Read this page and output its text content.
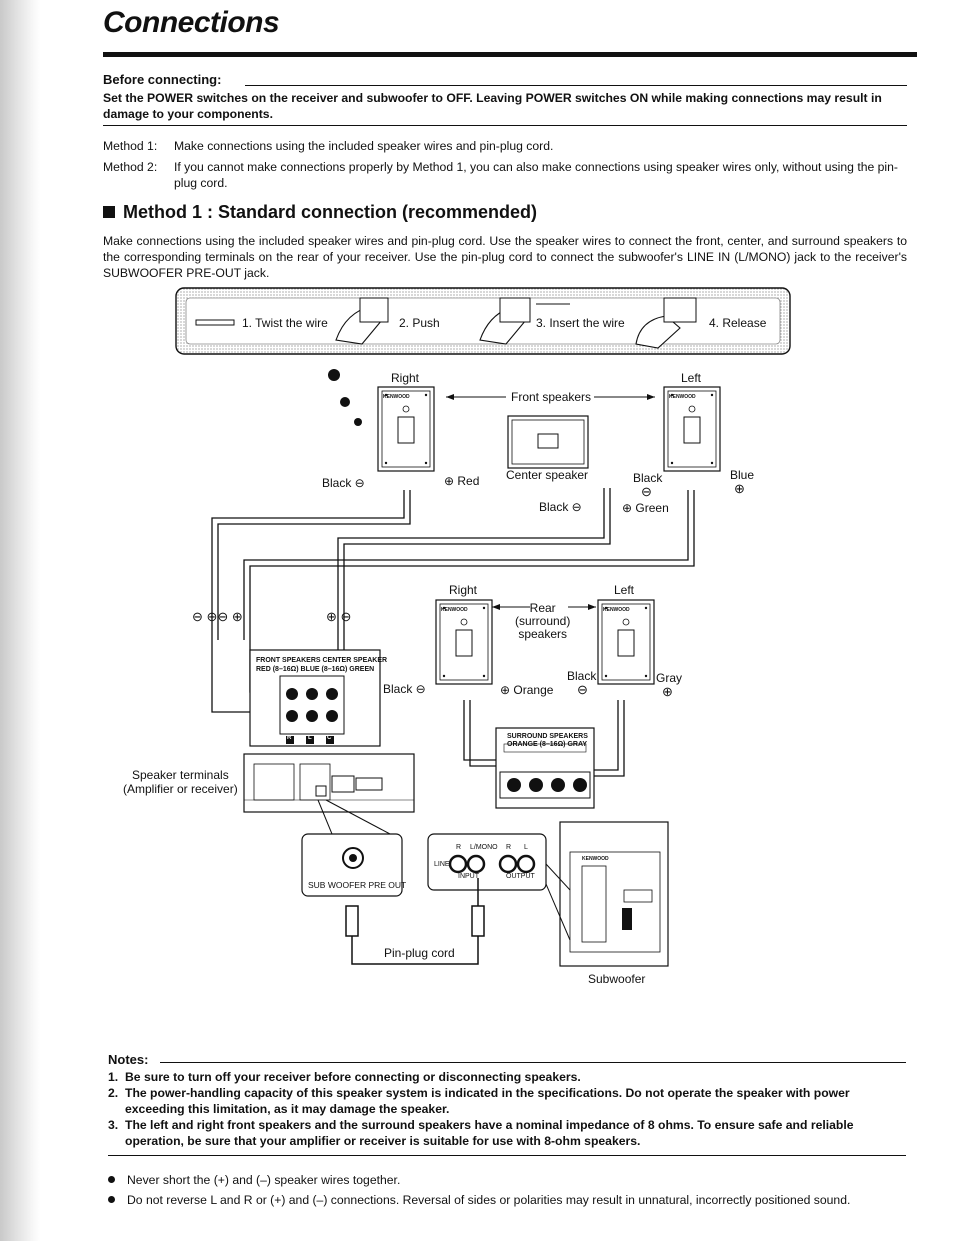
Connections
Before connecting:
Set the POWER switches on the receiver and subwoofer to OFF. Leaving POWER switches ON while making connections may result in damage to your components.
Method 1: Make connections using the included speaker wires and pin-plug cord.
Method 2: If you cannot make connections properly by Method 1, you can also make connections using speaker wires only, without using the pin-plug cord.
Method 1 : Standard connection (recommended)
Make connections using the included speaker wires and pin-plug cord. Use the speaker wires to connect the front, center, and surround speakers to the corresponding terminals on the rear of your receiver. Use the pin-plug cord to connect the subwoofer's LINE IN (L/MONO) jack to the receiver's SUBWOOFER PRE-OUT jack.
1. Twist the wire	2. Push	3. Insert the wire	4. Release
Right	Left
Front speakers
Black ⊖	⊕ Red Center speaker
Black ⊖	⊕ Green
Black
⊖
Blue
⊕
⊖ ⊕⊖ ⊕	⊕ ⊖
Right	Left
Rear
(surround)
speakers
Black ⊖	⊕ Orange
Black
⊖
Gray
⊕
FRONT SPEAKERS CENTER SPEAKER
RED (8–16Ω) BLUE (8–16Ω) GREEN
SURROUND SPEAKERS
ORANGE (8–16Ω) GRAY
Speaker terminals
(Amplifier or receiver)
SUB WOOFER PRE OUT
R L/MONO R L
LINE
INPUT	OUTPUT
Pin-plug cord
Subwoofer
KENWOOD	KENWOOD
KENWOOD	KENWOOD
KENWOOD
R	L	C
Notes:
1. Be sure to turn off your receiver before connecting or disconnecting speakers.
2. The power-handling capacity of this speaker system is indicated in the specifications. Do not operate the speaker with power exceeding this limitation, as it may damage the speaker.
3. The left and right front speakers and the surround speakers have a nominal impedance of 8 ohms. To ensure safe and reliable operation, be sure that your amplifier or receiver is suitable for use with 8-ohm speakers.
Never short the (+) and (–) speaker wires together.
Do not reverse L and R or (+) and (–) connections. Reversal of sides or polarities may result in unnatural, incorrectly positioned sound.
